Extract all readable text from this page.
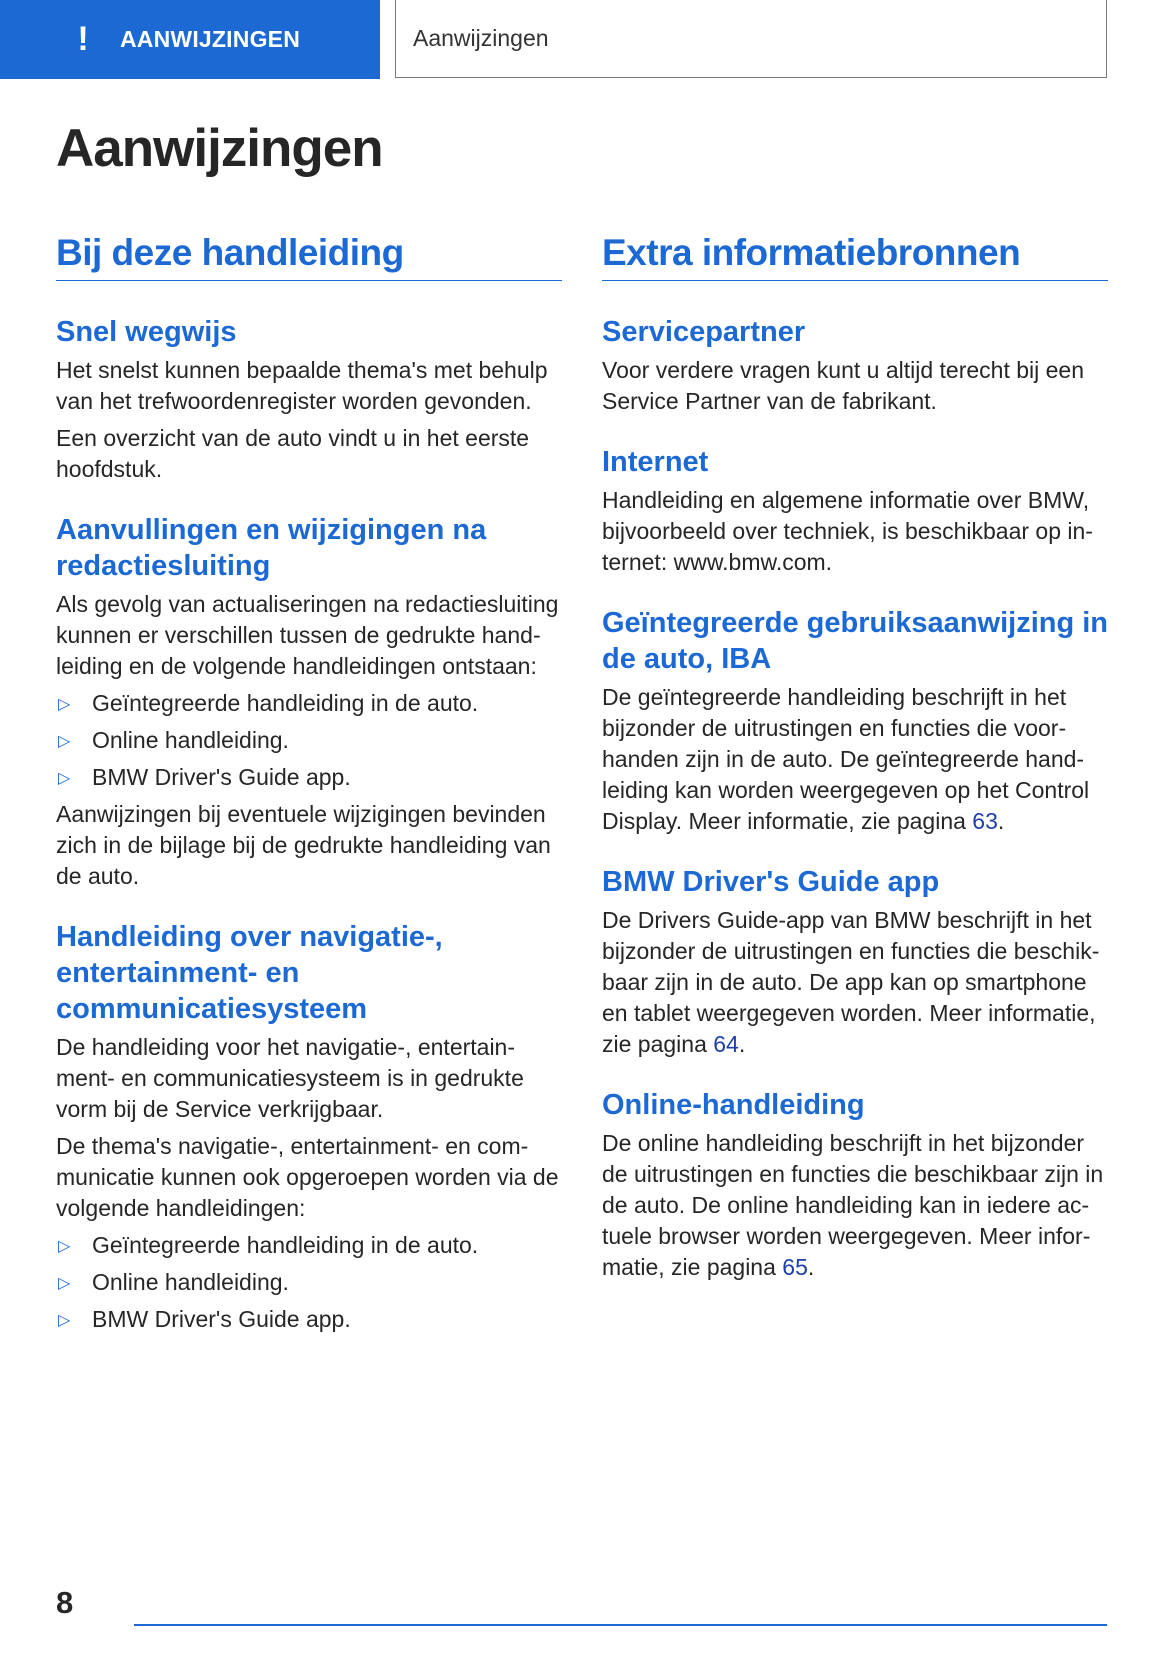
!	AANWIJZINGEN	Aanwijzingen
Aanwijzingen
Bij deze handleiding
Snel wegwijs

Het snelst kunnen bepaalde thema's met behulp van het trefwoordenregister worden gevonden.

Een overzicht van de auto vindt u in het eerste hoofdstuk.

Aanvullingen en wijzigingen na redactiesluiting

Als gevolg van actualiseringen na redactiesluiting kunnen er verschillen tussen de gedrukte handleiding en de volgende handleidingen ontstaan:

▷ Geïntegreerde handleiding in de auto.
▷ Online handleiding.
▷ BMW Driver's Guide app.

Aanwijzingen bij eventuele wijzigingen bevinden zich in de bijlage bij de gedrukte handleiding van de auto.

Handleiding over navigatie-, entertainment- en communicatiesysteem

De handleiding voor het navigatie-, entertainment- en communicatiesysteem is in gedrukte vorm bij de Service verkrijgbaar.

De thema's navigatie-, entertainment- en communicatie kunnen ook opgeroepen worden via de volgende handleidingen:

▷ Geïntegreerde handleiding in de auto.
▷ Online handleiding.
▷ BMW Driver's Guide app.
Extra informatiebronnen
Servicepartner

Voor verdere vragen kunt u altijd terecht bij een Service Partner van de fabrikant.

Internet

Handleiding en algemene informatie over BMW, bijvoorbeeld over techniek, is beschikbaar op internet: www.bmw.com.

Geïntegreerde gebruiksaanwijzing in de auto, IBA

De geïntegreerde handleiding beschrijft in het bijzonder de uitrustingen en functies die voorhanden zijn in de auto. De geïntegreerde handleiding kan worden weergegeven op het Control Display. Meer informatie, zie pagina 63.

BMW Driver's Guide app

De Drivers Guide-app van BMW beschrijft in het bijzonder de uitrustingen en functies die beschikbaar zijn in de auto. De app kan op smartphone en tablet weergegeven worden. Meer informatie, zie pagina 64.

Online-handleiding

De online handleiding beschrijft in het bijzonder de uitrustingen en functies die beschikbaar zijn in de auto. De online handleiding kan in iedere actuele browser worden weergegeven. Meer informatie, zie pagina 65.

8
